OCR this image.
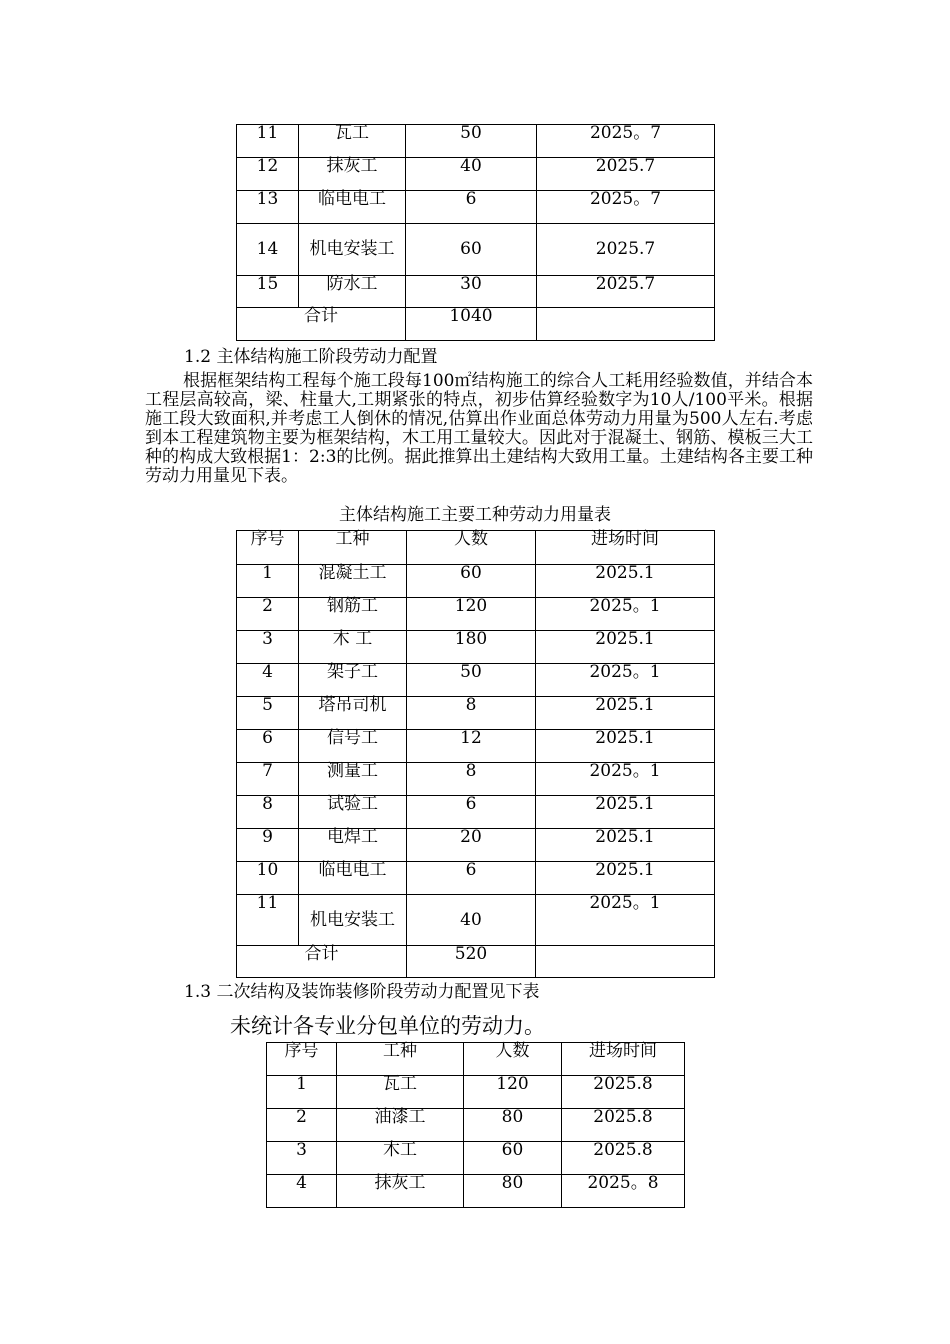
11	瓦工	50	2025。7
12	抹灰工	40	2025.7
13	临电电工	6	2025。7
14	机电安装工	60	2025.7
15	防水工	30	2025.7
合计		1040	
1.2 主体结构施工阶段劳动力配置
根据框架结构工程每个施工段每100㎡结构施工的综合人工耗用经验数值，并结合本工程层高较高，梁、柱量大,工期紧张的特点，初步估算经验数字为10人/100平米。根据施工段大致面积,并考虑工人倒休的情况,估算出作业面总体劳动力用量为500人左右.考虑到本工程建筑物主要为框架结构，木工用工量较大。因此对于混凝土、钢筋、模板三大工种的构成大致根据1：2:3的比例。据此推算出土建结构大致用工量。土建结构各主要工种劳动力用量见下表。
主体结构施工主要工种劳动力用量表
序号	工种	人数	进场时间
1	混凝土工	60	2025.1
2	钢筋工	120	2025。1
3	木 工	180	2025.1
4	架子工	50	2025。1
5	塔吊司机	8	2025.1
6	信号工	12	2025.1
7	测量工	8	2025。1
8	试验工	6	2025.1
9	电焊工	20	2025.1
10	临电电工	6	2025.1
11	机电安装工	40	2025。1
合计		520	
1.3 二次结构及装饰装修阶段劳动力配置见下表
未统计各专业分包单位的劳动力。
序号	工种	人数	进场时间
1	瓦工	120	2025.8
2	油漆工	80	2025.8
3	木工	60	2025.8
4	抹灰工	80	2025。8
